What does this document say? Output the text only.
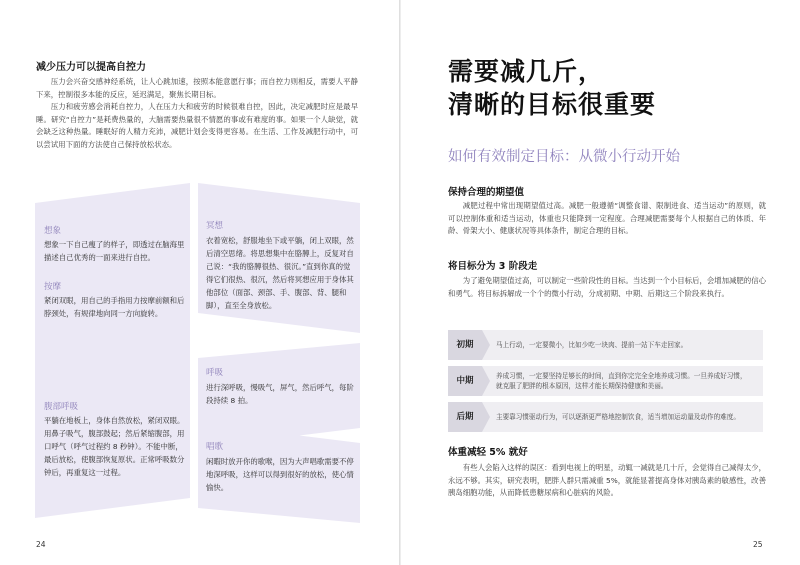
减少压力可以提高自控力

压力会兴奋交感神经系统，让人心跳加速，按照本能意愿行事；而自控力则相反，需要人平静下来，控制很多本能的反应，延迟满足，聚焦长期目标。

压力和疲劳感会消耗自控力，人在压力大和疲劳的时候很难自控，因此，决定减肥时应是最早睡。研究“自控力”是耗费热量的，大脑需要热量很不情愿的事或有难度的事。如果一个人缺觉，就会缺乏这种热量。睡眠好的人精力充沛，减肥计划会变得更容易。在生活、工作及减肥行动中，可以尝试用下面的方法使自己保持放松状态。

想象
想象一下自己瘦了的样子，即透过在脑海里描述自己优秀的一面来进行自控。
冥想
衣着宽松，舒服地坐下或平躺，闭上双眼，然后清空思绪。将思想集中在胳膊上，反复对自己说：“我的胳膊很热、很沉。”直到你真的觉得它们很热、很沉，然后将冥想应用于身体其他部位（面部、颈部、手、腹部、背、腿和脚），直至全身放松。
按摩
紧闭双眼，用自己的手指用力按摩前额和后脖颈处，有规律地向同一方向旋转。
呼吸
进行深呼吸，慢吸气，屏气，然后呼气，每阶段持续 8 拍。
腹部呼吸
平躺在地板上，身体自然放松，紧闭双眼。用鼻子吸气，腹部鼓起；然后紧缩腹部，用口呼气（呼气过程约 8 秒钟）。不能中断，最后放松，使腹部恢复原状。正常呼吸数分钟后，再重复这一过程。
唱歌
闲暇时放开你的歌喉，因为大声唱歌需要不停地深呼吸，这样可以得到很好的放松，使心情愉快。
24
需要减几斤，
清晰的目标很重要
如何有效制定目标：从微小行动开始
保持合理的期望值

减肥过程中常出现期望值过高。减肥一般遵循“调整食谱、限制进食、适当运动”的原则，就可以控制体重和适当运动，体重也只能降到一定程度。合理减肥需要每个人根据自己的体质、年龄、骨架大小、健康状况等具体条件，制定合理的目标。

将目标分为 3 阶段走

为了避免期望值过高，可以制定一些阶段性的目标。当达到一个小目标后，会增加减肥的信心和勇气。将目标拆解成一个个的微小行动，分成初期、中期、后期这三个阶段来执行。

初期	马上行动，一定要微小，比如少吃一块肉、提前一站下车走回家。
中期
养成习惯，一定要坚持足够长的时间，直到你完完全全地养成习惯。一旦养成好习惯，就克服了肥胖的根本原因，这样才能长期保持健康和美丽。
后期	主要靠习惯驱动行为，可以逐渐更严格地控制饮食，适当增加运动量及动作的难度。
体重减轻 5% 就好

有些人会陷入这样的误区：看到电视上的明星，动辄一减就是几十斤，会觉得自己减得太少，永远不够。其实，研究表明，肥胖人群只需减重 5%，就能显著提高身体对胰岛素的敏感性，改善胰岛细胞功能，从而降低患糖尿病和心脏病的风险。

25
